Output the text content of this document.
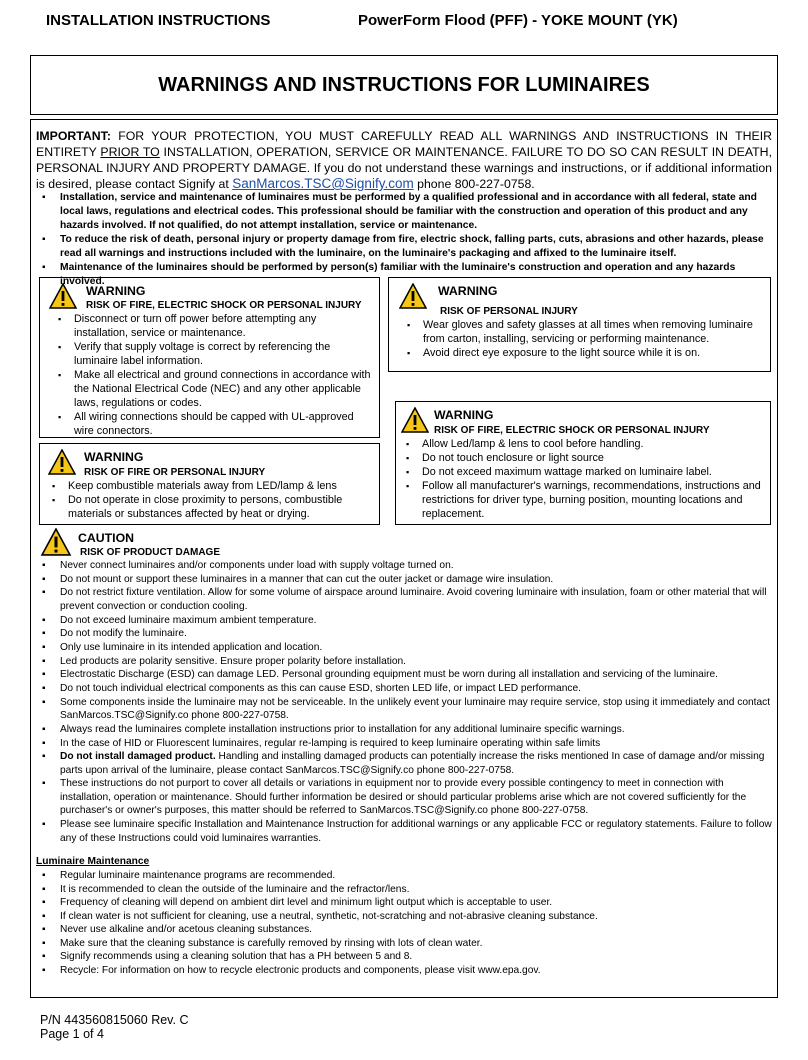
INSTALLATION INSTRUCTIONS	PowerForm Flood (PFF) - YOKE MOUNT (YK)
WARNINGS AND INSTRUCTIONS FOR LUMINAIRES
IMPORTANT: FOR YOUR PROTECTION, YOU MUST CAREFULLY READ ALL WARNINGS AND INSTRUCTIONS IN THEIR ENTIRETY PRIOR TO INSTALLATION, OPERATION, SERVICE OR MAINTENANCE. FAILURE TO DO SO CAN RESULT IN DEATH, PERSONAL INJURY AND PROPERTY DAMAGE. If you do not understand these warnings and instructions, or if additional information is desired, please contact Signify at SanMarcos.TSC@Signify.com phone 800-227-0758.
▪ Installation, service and maintenance of luminaires must be performed by a qualified professional and in accordance with all federal, state and local laws, regulations and electrical codes. This professional should be familiar with the construction and operation of this product and any hazards involved. If not qualified, do not attempt installation, service or maintenance.
▪ To reduce the risk of death, personal injury or property damage from fire, electric shock, falling parts, cuts, abrasions and other hazards, please read all warnings and instructions included with the luminaire, on the luminaire's packaging and affixed to the luminaire itself.
▪ Maintenance of the luminaires should be performed by person(s) familiar with the luminaire's construction and operation and any hazards involved.
WARNING
RISK OF FIRE, ELECTRIC SHOCK OR PERSONAL INJURY
▪ Disconnect or turn off power before attempting any installation, service or maintenance.
▪ Verify that supply voltage is correct by referencing the luminaire label information.
▪ Make all electrical and ground connections in accordance with the National Electrical Code (NEC) and any other applicable laws, regulations or codes.
▪ All wiring connections should be capped with UL-approved wire connectors.
WARNING
RISK OF FIRE OR PERSONAL INJURY
▪ Keep combustible materials away from LED/lamp & lens
▪ Do not operate in close proximity to persons, combustible materials or substances affected by heat or drying.
WARNING
RISK OF PERSONAL INJURY
▪ Wear gloves and safety glasses at all times when removing luminaire from carton, installing, servicing or performing maintenance.
▪ Avoid direct eye exposure to the light source while it is on.
WARNING
RISK OF FIRE, ELECTRIC SHOCK OR PERSONAL INJURY
▪ Allow Led/lamp & lens to cool before handling.
▪ Do not touch enclosure or light source
▪ Do not exceed maximum wattage marked on luminaire label.
▪ Follow all manufacturer's warnings, recommendations, instructions and restrictions for driver type, burning position, mounting locations and replacement.
CAUTION
RISK OF PRODUCT DAMAGE
▪ Never connect luminaires and/or components under load with supply voltage turned on.
▪ Do not mount or support these luminaires in a manner that can cut the outer jacket or damage wire insulation.
▪ Do not restrict fixture ventilation. Allow for some volume of airspace around luminaire. Avoid covering luminaire with insulation, foam or other material that will prevent convection or conduction cooling.
▪ Do not exceed luminaire maximum ambient temperature.
▪ Do not modify the luminaire.
▪ Only use luminaire in its intended application and location.
▪ Led products are polarity sensitive. Ensure proper polarity before installation.
▪ Electrostatic Discharge (ESD) can damage LED. Personal grounding equipment must be worn during all installation and servicing of the luminaire.
▪ Do not touch individual electrical components as this can cause ESD, shorten LED life, or impact LED performance.
▪ Some components inside the luminaire may not be serviceable. In the unlikely event your luminaire may require service, stop using it immediately and contact SanMarcos.TSC@Signify.co phone 800-227-0758.
▪ Always read the luminaires complete installation instructions prior to installation for any additional luminaire specific warnings.
▪ In the case of HID or Fluorescent luminaires, regular re-lamping is required to keep luminaire operating within safe limits
▪ Do not install damaged product. Handling and installing damaged products can potentially increase the risks mentioned In case of damage and/or missing parts upon arrival of the luminaire, please contact SanMarcos.TSC@Signify.co phone 800-227-0758.
▪ These instructions do not purport to cover all details or variations in equipment nor to provide every possible contingency to meet in connection with installation, operation or maintenance. Should further information be desired or should particular problems arise which are not covered sufficiently for the purchaser's or owner's purposes, this matter should be referred to SanMarcos.TSC@Signify.co phone 800-227-0758.
▪ Please see luminaire specific Installation and Maintenance Instruction for additional warnings or any applicable FCC or regulatory statements. Failure to follow any of these Instructions could void luminaires warranties.
Luminaire Maintenance
▪ Regular luminaire maintenance programs are recommended.
▪ It is recommended to clean the outside of the luminaire and the refractor/lens.
▪ Frequency of cleaning will depend on ambient dirt level and minimum light output which is acceptable to user.
▪ If clean water is not sufficient for cleaning, use a neutral, synthetic, not-scratching and not-abrasive cleaning substance.
▪ Never use alkaline and/or acetous cleaning substances.
▪ Make sure that the cleaning substance is carefully removed by rinsing with lots of clean water.
▪ Signify recommends using a cleaning solution that has a PH between 5 and 8.
▪ Recycle: For information on how to recycle electronic products and components, please visit www.epa.gov.
P/N 443560815060 Rev. C
Page 1 of 4
